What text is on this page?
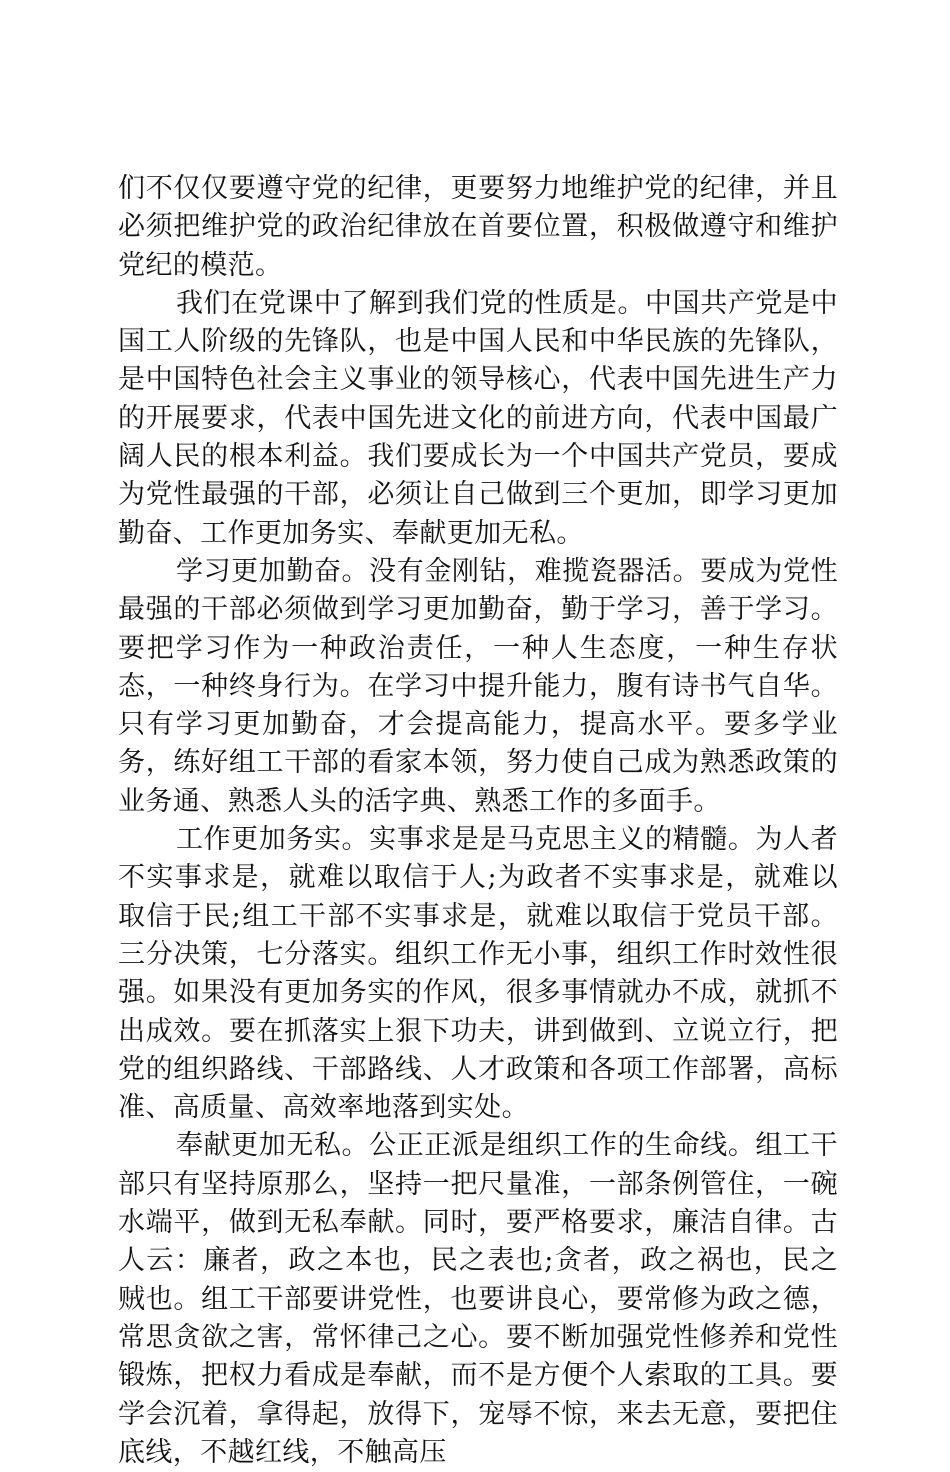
们不仅仅要遵守党的纪律，更要努力地维护党的纪律，并且必须把维护党的政治纪律放在首要位置，积极做遵守和维护党纪的模范。

我们在党课中了解到我们党的性质是。中国共产党是中国工人阶级的先锋队，也是中国人民和中华民族的先锋队，是中国特色社会主义事业的领导核心，代表中国先进生产力的开展要求，代表中国先进文化的前进方向，代表中国最广阔人民的根本利益。我们要成长为一个中国共产党员，要成为党性最强的干部，必须让自己做到三个更加，即学习更加勤奋、工作更加务实、奉献更加无私。

学习更加勤奋。没有金刚钻，难揽瓷器活。要成为党性最强的干部必须做到学习更加勤奋，勤于学习，善于学习。要把学习作为一种政治责任，一种人生态度，一种生存状态，一种终身行为。在学习中提升能力，腹有诗书气自华。只有学习更加勤奋，才会提高能力，提高水平。要多学业务，练好组工干部的看家本领，努力使自己成为熟悉政策的业务通、熟悉人头的活字典、熟悉工作的多面手。

工作更加务实。实事求是是马克思主义的精髓。为人者不实事求是，就难以取信于人;为政者不实事求是，就难以取信于民;组工干部不实事求是，就难以取信于党员干部。三分决策，七分落实。组织工作无小事，组织工作时效性很强。如果没有更加务实的作风，很多事情就办不成，就抓不出成效。要在抓落实上狠下功夫，讲到做到、立说立行，把党的组织路线、干部路线、人才政策和各项工作部署，高标准、高质量、高效率地落到实处。

奉献更加无私。公正正派是组织工作的生命线。组工干部只有坚持原那么，坚持一把尺量准，一部条例管住，一碗水端平，做到无私奉献。同时，要严格要求，廉洁自律。古人云：廉者，政之本也，民之表也;贪者，政之祸也，民之贼也。组工干部要讲党性，也要讲良心，要常修为政之德，常思贪欲之害，常怀律己之心。要不断加强党性修养和党性锻炼，把权力看成是奉献，而不是方便个人索取的工具。要学会沉着，拿得起，放得下，宠辱不惊，来去无意，要把住底线，不越红线，不触高压
